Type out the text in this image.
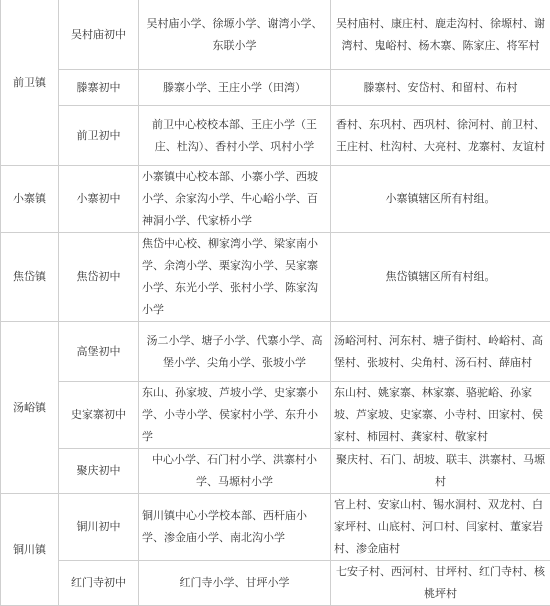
前卫镇	吴村庙初中	吴村庙小学、徐塬小学、谢湾小学、东联小学	吴村庙村、康庄村、鹿走沟村、徐塬村、谢湾村、鬼峪村、杨木寨、陈家庄、将军村
	滕寨初中	滕寨小学、王庄小学（田湾）	滕寨村、安岱村、和留村、布村
	前卫初中	前卫中心校校本部、王庄小学（王庄、杜沟）、香村小学、巩村小学	香村、东巩村、西巩村、徐河村、前卫村、王庄村、杜沟村、大亮村、龙寨村、友谊村
小寨镇	小寨初中	小寨镇中心校本部、小寨小学、西坡小学、余家沟小学、牛心峪小学、百神洞小学、代家桥小学	小寨镇辖区所有村组。
焦岱镇	焦岱初中	焦岱中心校、柳家湾小学、梁家南小学、余湾小学、栗家沟小学、吴家寨小学、东光小学、张村小学、陈家沟小学	焦岱镇辖区所有村组。
汤峪镇	高堡初中	汤二小学、塘子小学、代寨小学、高堡小学、尖角小学、张坡小学	汤峪河村、河东村、塘子街村、岭峪村、高堡村、张坡村、尖角村、汤石村、薛庙村
	史家寨初中	东山、孙家坡、芦坡小学、史家寨小学、小寺小学、侯家村小学、东升小学	东山村、姚家寨、林家寨、骆驼峪、孙家坡、芦家坡、史家寨、小寺村、田家村、侯家村、柿园村、龚家村、敬家村
	聚庆初中	中心小学、石门村小学、洪寨村小学、马塬村小学	聚庆村、石门、胡坡、联丰、洪寨村、马塬村
铜川镇	铜川初中	铜川镇中心小学校本部、西杆庙小学、渗金庙小学、南北沟小学	官上村、安家山村、锡水洞村、双龙村、白家坪村、山底村、河口村、闫家村、董家岩村、渗金庙村
	红门寺初中	红门寺小学、甘坪小学	七安子村、西河村、甘坪村、红门寺村、核桃坪村
